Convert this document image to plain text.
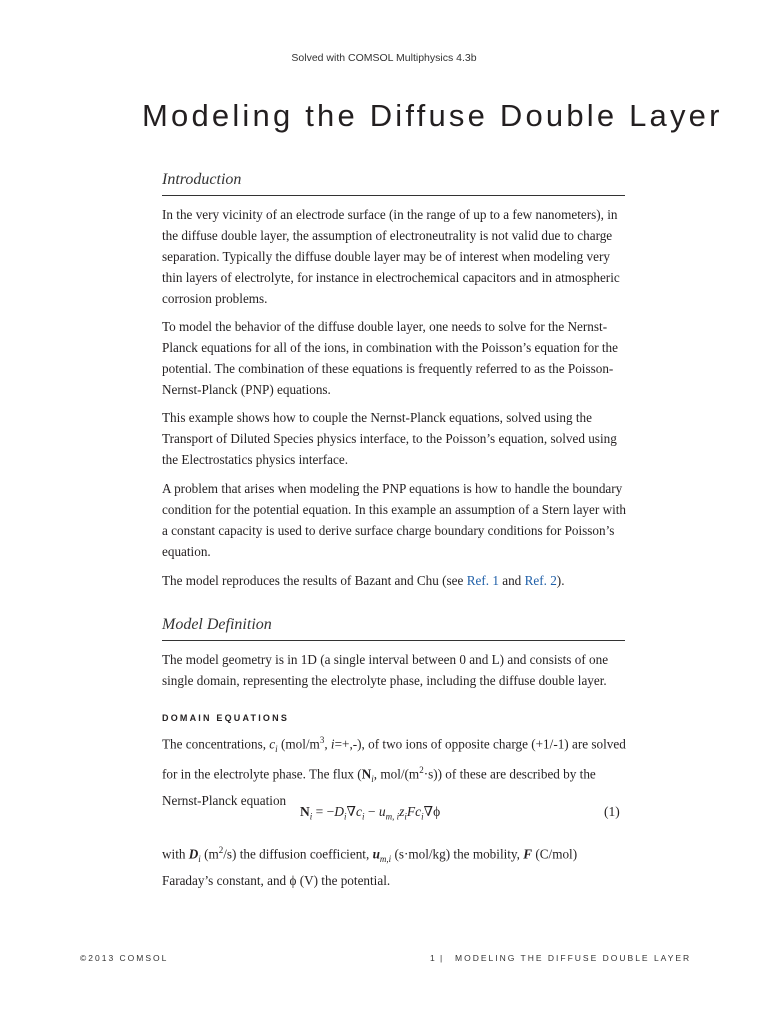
Solved with COMSOL Multiphysics 4.3b
Modeling the Diffuse Double Layer
Introduction

In the very vicinity of an electrode surface (in the range of up to a few nanometers), in the diffuse double layer, the assumption of electroneutrality is not valid due to charge separation. Typically the diffuse double layer may be of interest when modeling very thin layers of electrolyte, for instance in electrochemical capacitors and in atmospheric corrosion problems.

To model the behavior of the diffuse double layer, one needs to solve for the Nernst-Planck equations for all of the ions, in combination with the Poisson’s equation for the potential. The combination of these equations is frequently referred to as the Poisson-Nernst-Planck (PNP) equations.

This example shows how to couple the Nernst-Planck equations, solved using the Transport of Diluted Species physics interface, to the Poisson’s equation, solved using the Electrostatics physics interface.

A problem that arises when modeling the PNP equations is how to handle the boundary condition for the potential equation. In this example an assumption of a Stern layer with a constant capacity is used to derive surface charge boundary conditions for Poisson’s equation.

The model reproduces the results of Bazant and Chu (see Ref. 1 and Ref. 2).

Model Definition

The model geometry is in 1D (a single interval between 0 and L) and consists of one single domain, representing the electrolyte phase, including the diffuse double layer.

DOMAIN EQUATIONS

The concentrations, $c_i$ ($mol/m^3$, i=+,-), of two ions of opposite charge (+1/-1) are solved for in the electrolyte phase. The flux ($N_i$, mol/$(m^2\cdot s)$) of these are described by the Nernst-Planck equation

$N_i = -D_i\nabla c_i - u_{m, i}z_iFc_i\nabla\phi$	(1)

with $D_i$ $(m^2/s)$ the diffusion coefficient, $u_{m,i}$ (s·mol/kg) the mobility, F (C/mol) Faraday’s constant, and ϕ (V) the potential.

©2013 COMSOL	1 | MODELING THE DIFFUSE DOUBLE LAYER
